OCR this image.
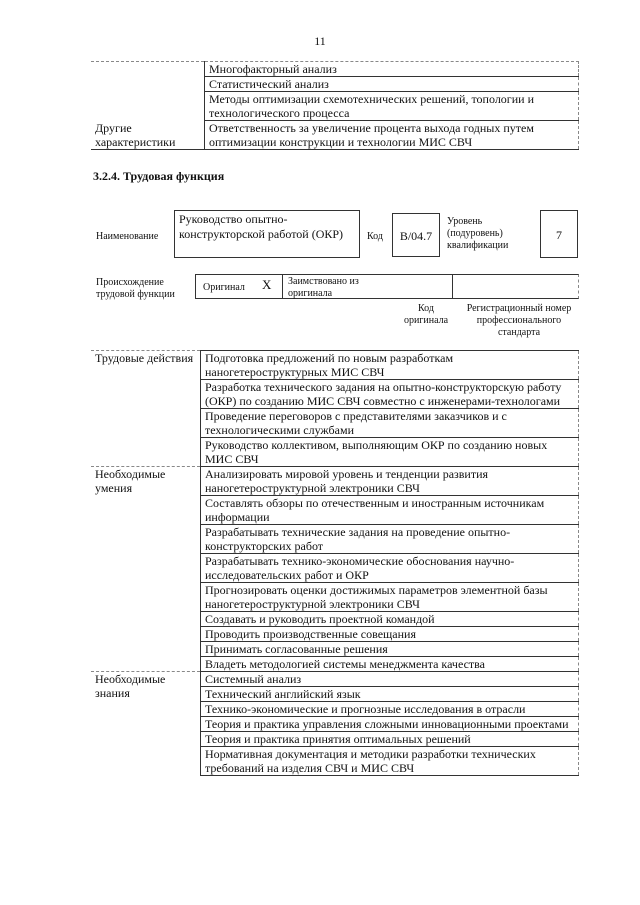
11
	Многофакторный анализ
	Статистический анализ
	Методы оптимизации схемотехнических решений, топологии и технологического процесса
Другие характеристики	Ответственность за увеличение процента выхода годных путем оптимизации конструкции и технологии МИС СВЧ
3.2.4. Трудовая функция
Наименование
Руководство опытно-конструкторской работой (ОКР)	Код	B/04.7
Уровень (подуровень) квалификации
7
Происхождение трудовой функции
Оригинал X Заимствовано из оригинала
Код оригинала
Регистрационный номер профессионального стандарта
Трудовые действия	Подготовка предложений по новым разработкам наногетероструктурных МИС СВЧ
	Разработка технического задания на опытно-конструкторскую работу (ОКР) по созданию МИС СВЧ совместно с инженерами-технологами
	Проведение переговоров с представителями заказчиков и с технологическими службами
	Руководство коллективом, выполняющим ОКР по созданию новых МИС СВЧ
Необходимые умения	Анализировать мировой уровень и тенденции развития наногетероструктурной электроники СВЧ
	Составлять обзоры по отечественным и иностранным источникам информации
	Разрабатывать технические задания на проведение опытно-конструкторских работ
	Разрабатывать технико-экономические обоснования научно-исследовательских работ и ОКР
	Прогнозировать оценки достижимых параметров элементной базы наногетероструктурной электроники СВЧ
	Создавать и руководить проектной командой
	Проводить производственные совещания
	Принимать согласованные решения
	Владеть методологией системы менеджмента качества
Необходимые знания	Системный анализ
	Технический английский язык
	Технико-экономические и прогнозные исследования в отрасли
	Теория и практика управления сложными инновационными проектами
	Теория и практика принятия оптимальных решений
	Нормативная документация и методики разработки технических требований на изделия СВЧ и МИС СВЧ
